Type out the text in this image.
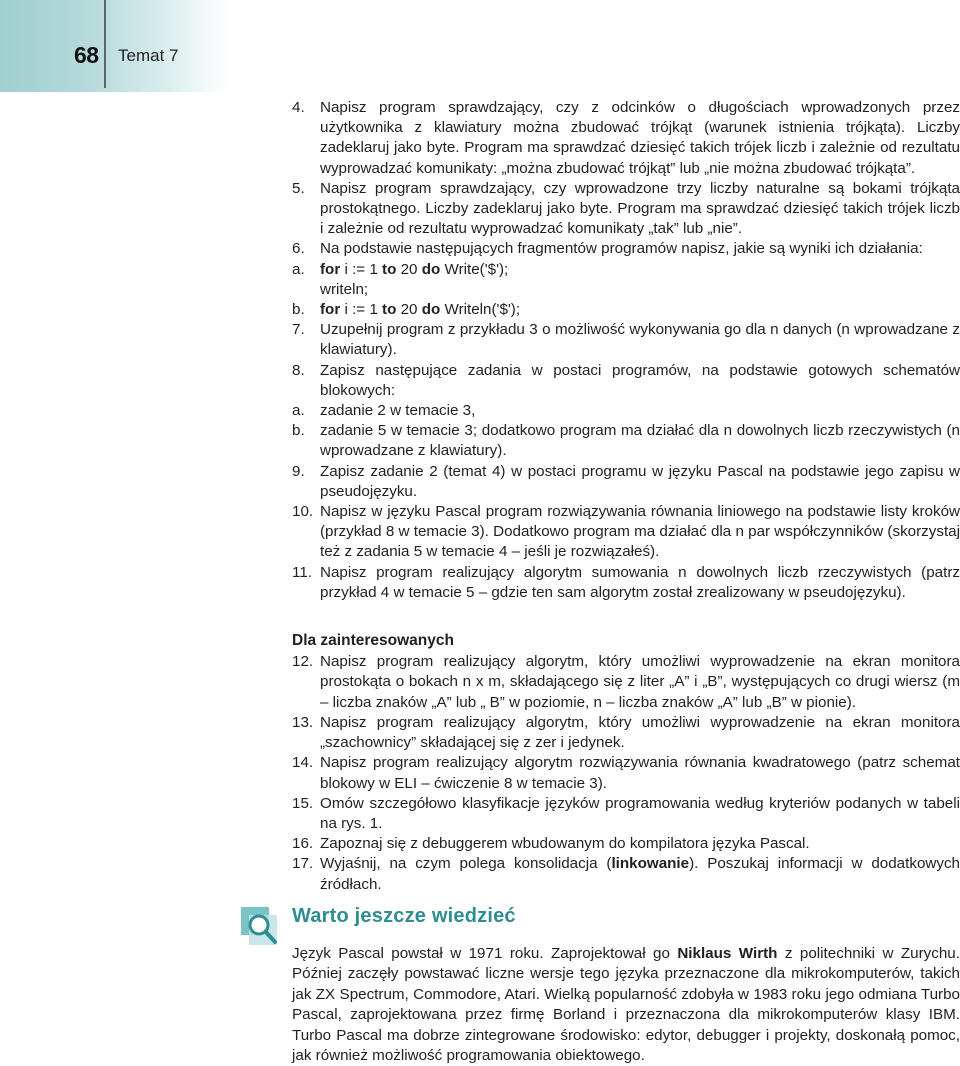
68 Temat 7
4.	Napisz program sprawdzający, czy z odcinków o długościach wprowadzonych przez użytkownika z klawiatury można zbudować trójkąt (warunek istnienia trójkąta). Liczby zadeklaruj jako byte. Program ma sprawdzać dziesięć takich trójek liczb i zależnie od rezultatu wyprowadzać komunikaty: „można zbudować trójkąt” lub „nie można zbudować trójkąta”.
5.	Napisz program sprawdzający, czy wprowadzone trzy liczby naturalne są bokami trójkąta prostokątnego. Liczby zadeklaruj jako byte. Program ma sprawdzać dziesięć takich trójek liczb i zależnie od rezultatu wyprowadzać komunikaty „tak” lub „nie”.
6.	Na podstawie następujących fragmentów programów napisz, jakie są wyniki ich działania:
a.	for i := 1 to 20 do Write('$');
writeln;
b.	for i := 1 to 20 do Writeln('$');
7.	Uzupełnij program z przykładu 3 o możliwość wykonywania go dla n danych (n wprowadzane z klawiatury).
8.	Zapisz następujące zadania w postaci programów, na podstawie gotowych schematów blokowych:
a.	zadanie 2 w temacie 3,
b.	zadanie 5 w temacie 3; dodatkowo program ma działać dla n dowolnych liczb rzeczywistych (n wprowadzane z klawiatury).
9.	Zapisz zadanie 2 (temat 4) w postaci programu w języku Pascal na podstawie jego zapisu w pseudojęzyku.
10. Napisz w języku Pascal program rozwiązywania równania liniowego na podstawie listy kroków (przykład 8 w temacie 3). Dodatkowo program ma działać dla n par współczynników (skorzystaj też z zadania 5 w temacie 4 – jeśli je rozwiązałeś).
11. Napisz program realizujący algorytm sumowania n dowolnych liczb rzeczywistych (patrz przykład 4 w temacie 5 – gdzie ten sam algorytm został zrealizowany w pseudojęzyku).
Dla zainteresowanych
12. Napisz program realizujący algorytm, który umożliwi wyprowadzenie na ekran monitora prostokąta o bokach n x m, składającego się z liter „A” i „B”, występujących co drugi wiersz (m – liczba znaków „A” lub „ B” w poziomie, n – liczba znaków „A” lub „B” w pionie).
13. Napisz program realizujący algorytm, który umożliwi wyprowadzenie na ekran monitora „szachownicy” składającej się z zer i jedynek.
14. Napisz program realizujący algorytm rozwiązywania równania kwadratowego (patrz schemat blokowy w ELI – ćwiczenie 8 w temacie 3).
15. Omów szczegółowo klasyfikacje języków programowania według kryteriów podanych w tabeli na rys. 1.
16. Zapoznaj się z debuggerem wbudowanym do kompilatora języka Pascal.
17. Wyjaśnij, na czym polega konsolidacja (linkowanie). Poszukaj informacji w dodatkowych źródłach.
Warto jeszcze wiedzieć
Język Pascal powstał w 1971 roku. Zaprojektował go Niklaus Wirth z politechniki w Zurychu. Później zaczęły powstawać liczne wersje tego języka przeznaczone dla mikrokomputerów, takich jak ZX Spectrum, Commodore, Atari. Wielką popularność zdobyła w 1983 roku jego odmiana Turbo Pascal, zaprojektowana przez firmę Borland i przeznaczona dla mikrokomputerów klasy IBM. Turbo Pascal ma dobrze zintegrowane środowisko: edytor, debugger i projekty, doskonałą pomoc, jak również możliwość programowania obiektowego.
